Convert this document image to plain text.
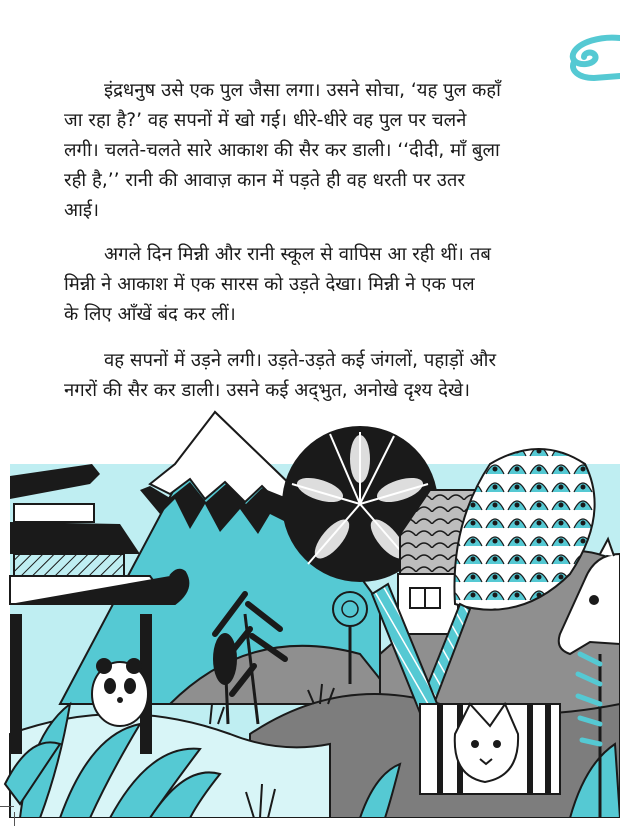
इंद्रधनुष उसे एक पुल जैसा लगा। उसने सोचा, ‘यह पुल कहाँ
जा रहा है?’ वह सपनों में खो गई। धीरे-धीरे वह पुल पर चलने
लगी। चलते-चलते सारे आकाश की सैर कर डाली। ‘‘दीदी, माँ बुला
रही है,’’ रानी की आवाज़ कान में पड़ते ही वह धरती पर उतर
आई।

अगले दिन मिन्नी और रानी स्कूल से वापिस आ रही थीं। तब
मिन्नी ने आकाश में एक सारस को उड़ते देखा। मिन्नी ने एक पल
के लिए आँखें बंद कर लीं।

वह सपनों में उड़ने लगी। उड़ते-उड़ते कई जंगलों, पहाड़ों और
नगरों की सैर कर डाली। उसने कई अद्‌भुत, अनोखे दृश्य देखे।
